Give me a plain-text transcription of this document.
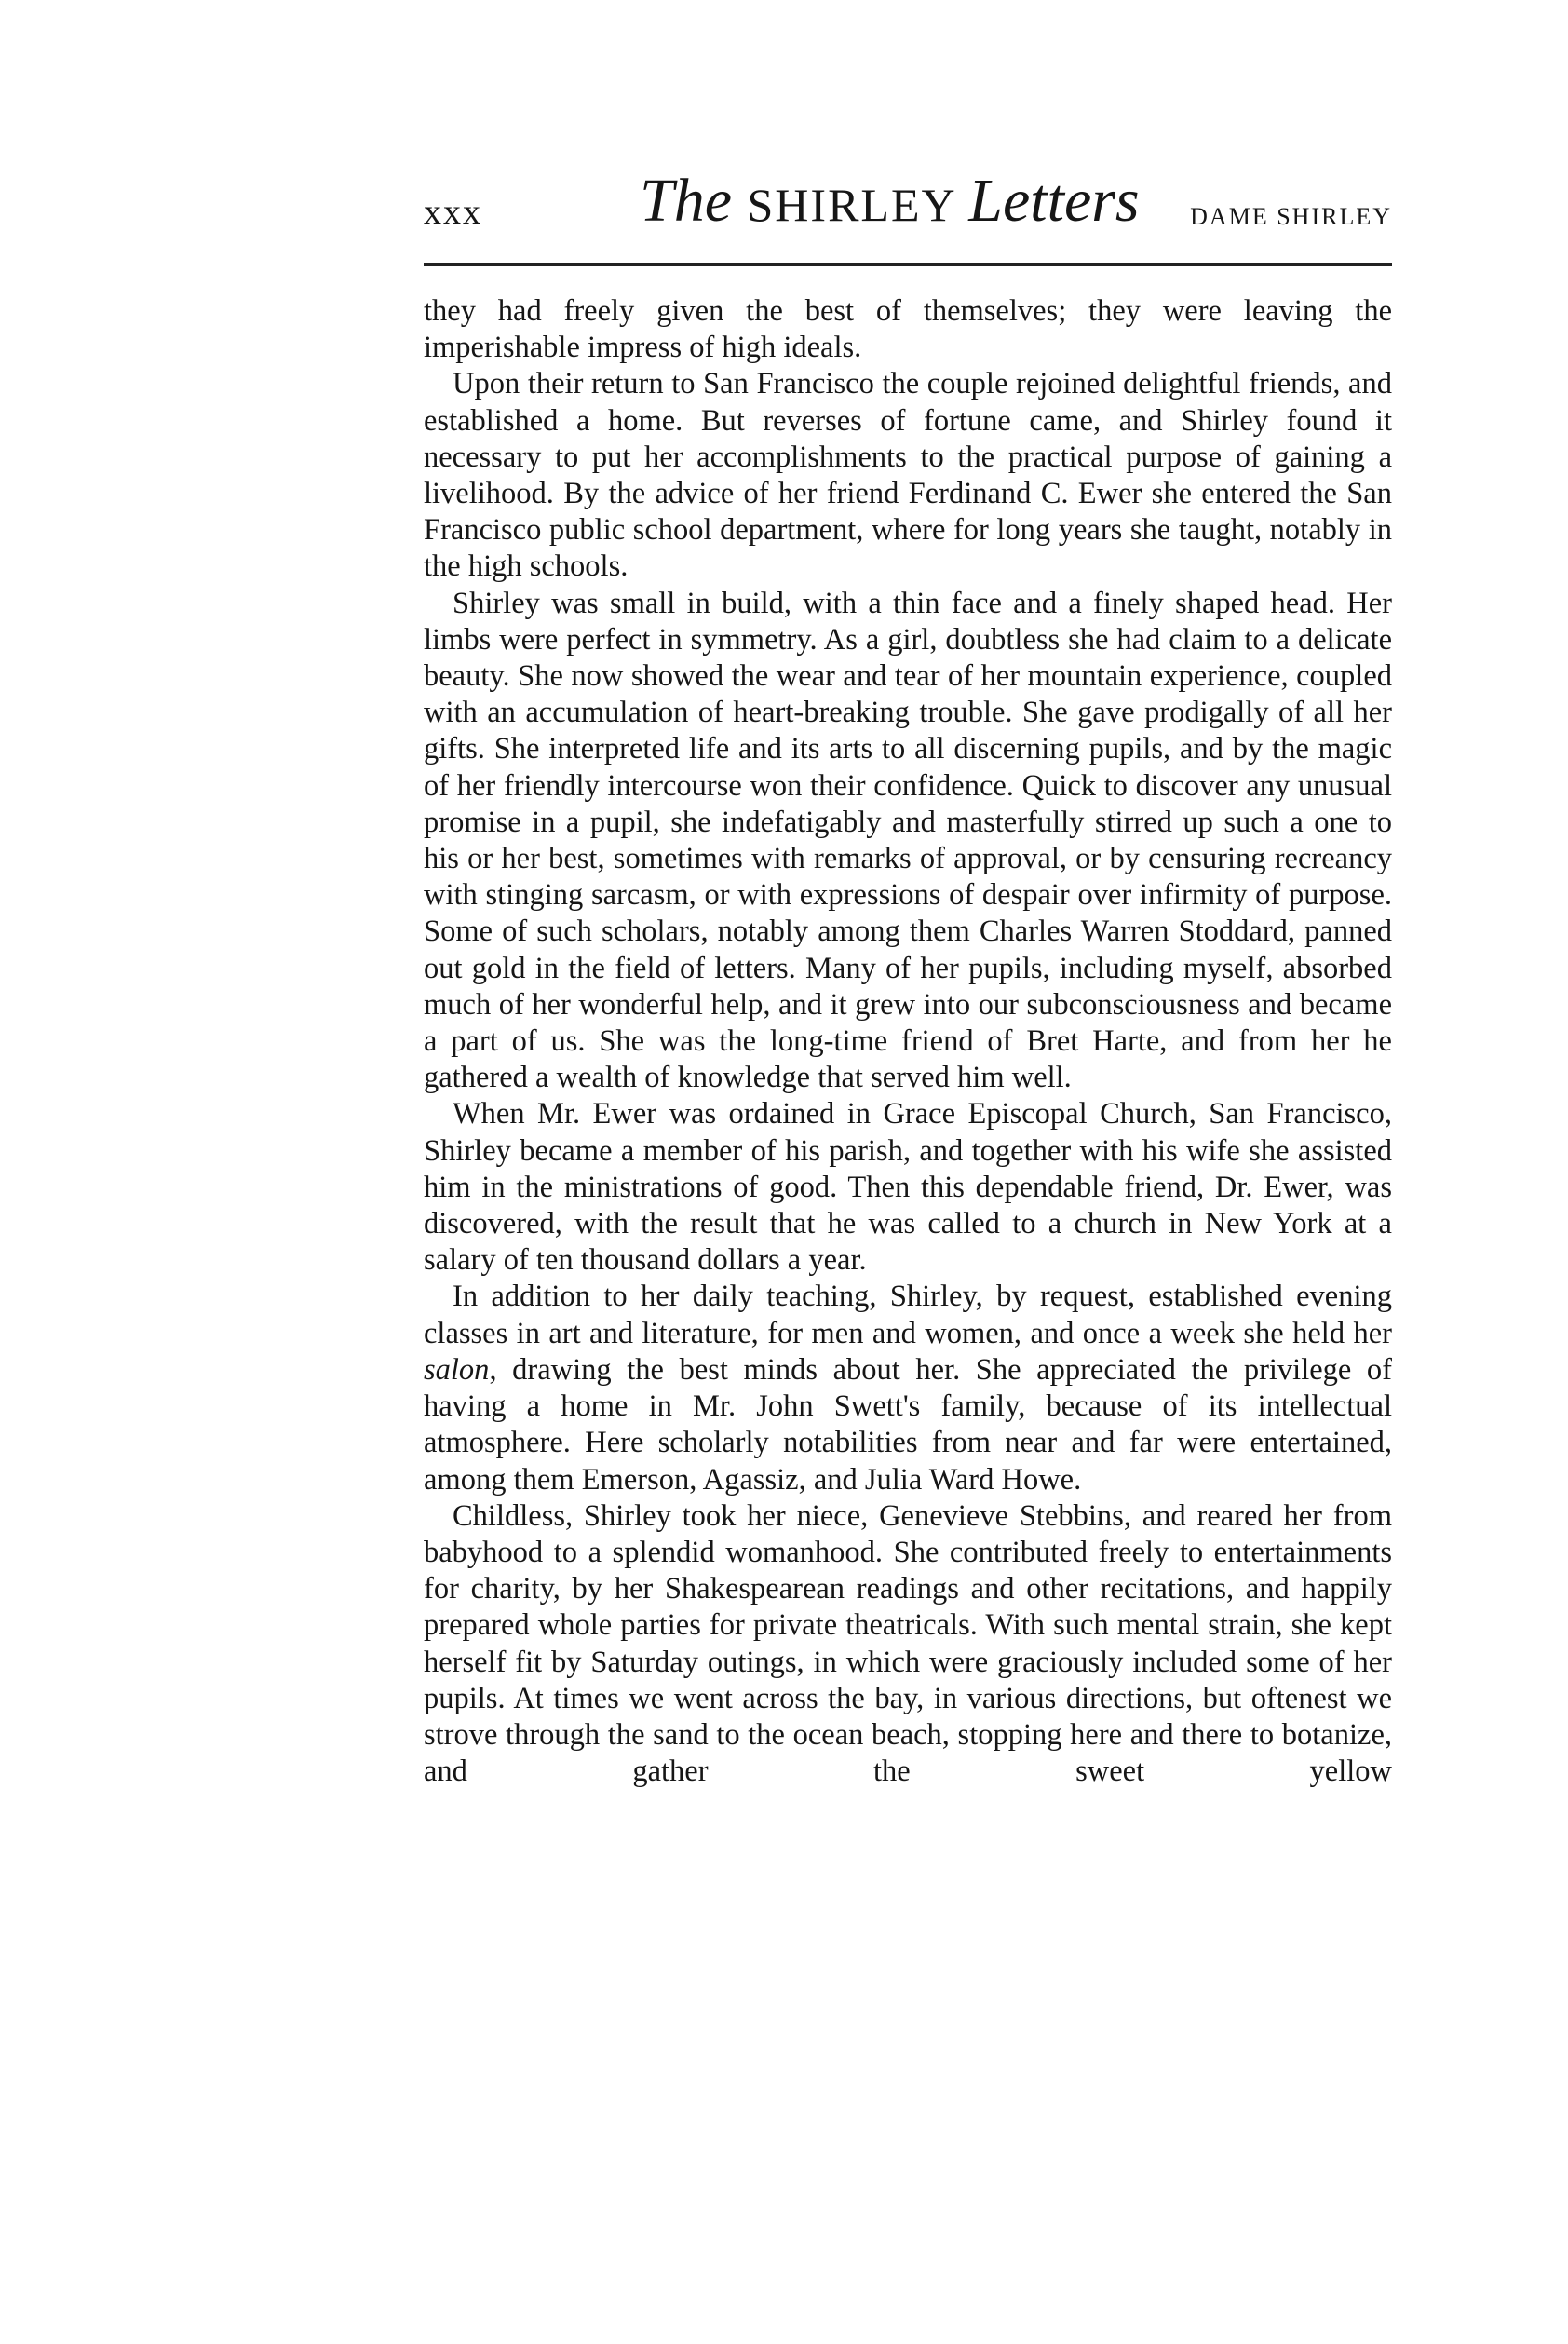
xxx	The SHIRLEY Letters DAME SHIRLEY

they had freely given the best of themselves; they were leaving the imperishable impress of high ideals.

Upon their return to San Francisco the couple rejoined delightful friends, and established a home. But reverses of fortune came, and Shirley found it necessary to put her accomplishments to the practical purpose of gaining a livelihood. By the advice of her friend Ferdinand C. Ewer she entered the San Francisco public school department, where for long years she taught, notably in the high schools.

Shirley was small in build, with a thin face and a finely shaped head. Her limbs were perfect in symmetry. As a girl, doubtless she had claim to a delicate beauty. She now showed the wear and tear of her mountain experience, coupled with an accumulation of heart-breaking trouble. She gave prodigally of all her gifts. She interpreted life and its arts to all discerning pupils, and by the magic of her friendly intercourse won their confidence. Quick to discover any unusual promise in a pupil, she indefatigably and masterfully stirred up such a one to his or her best, sometimes with remarks of approval, or by censuring recreancy with stinging sarcasm, or with expressions of despair over infirmity of purpose. Some of such scholars, notably among them Charles Warren Stoddard, panned out gold in the field of letters. Many of her pupils, including myself, absorbed much of her wonderful help, and it grew into our subconsciousness and became a part of us. She was the long-time friend of Bret Harte, and from her he gathered a wealth of knowledge that served him well.

When Mr. Ewer was ordained in Grace Episcopal Church, San Francisco, Shirley became a member of his parish, and together with his wife she assisted him in the ministrations of good. Then this dependable friend, Dr. Ewer, was discovered, with the result that he was called to a church in New York at a salary of ten thousand dollars a year.

In addition to her daily teaching, Shirley, by request, established evening classes in art and literature, for men and women, and once a week she held her salon, drawing the best minds about her. She appreciated the privilege of having a home in Mr. John Swett's family, because of its intellectual atmosphere. Here scholarly notabilities from near and far were entertained, among them Emerson, Agassiz, and Julia Ward Howe.

Childless, Shirley took her niece, Genevieve Stebbins, and reared her from babyhood to a splendid womanhood. She contributed freely to entertainments for charity, by her Shakespearean readings and other recitations, and happily prepared whole parties for private theatricals. With such mental strain, she kept herself fit by Saturday outings, in which were graciously included some of her pupils. At times we went across the bay, in various directions, but oftenest we strove through the sand to the ocean beach, stopping here and there to botanize, and gather the sweet yellow
